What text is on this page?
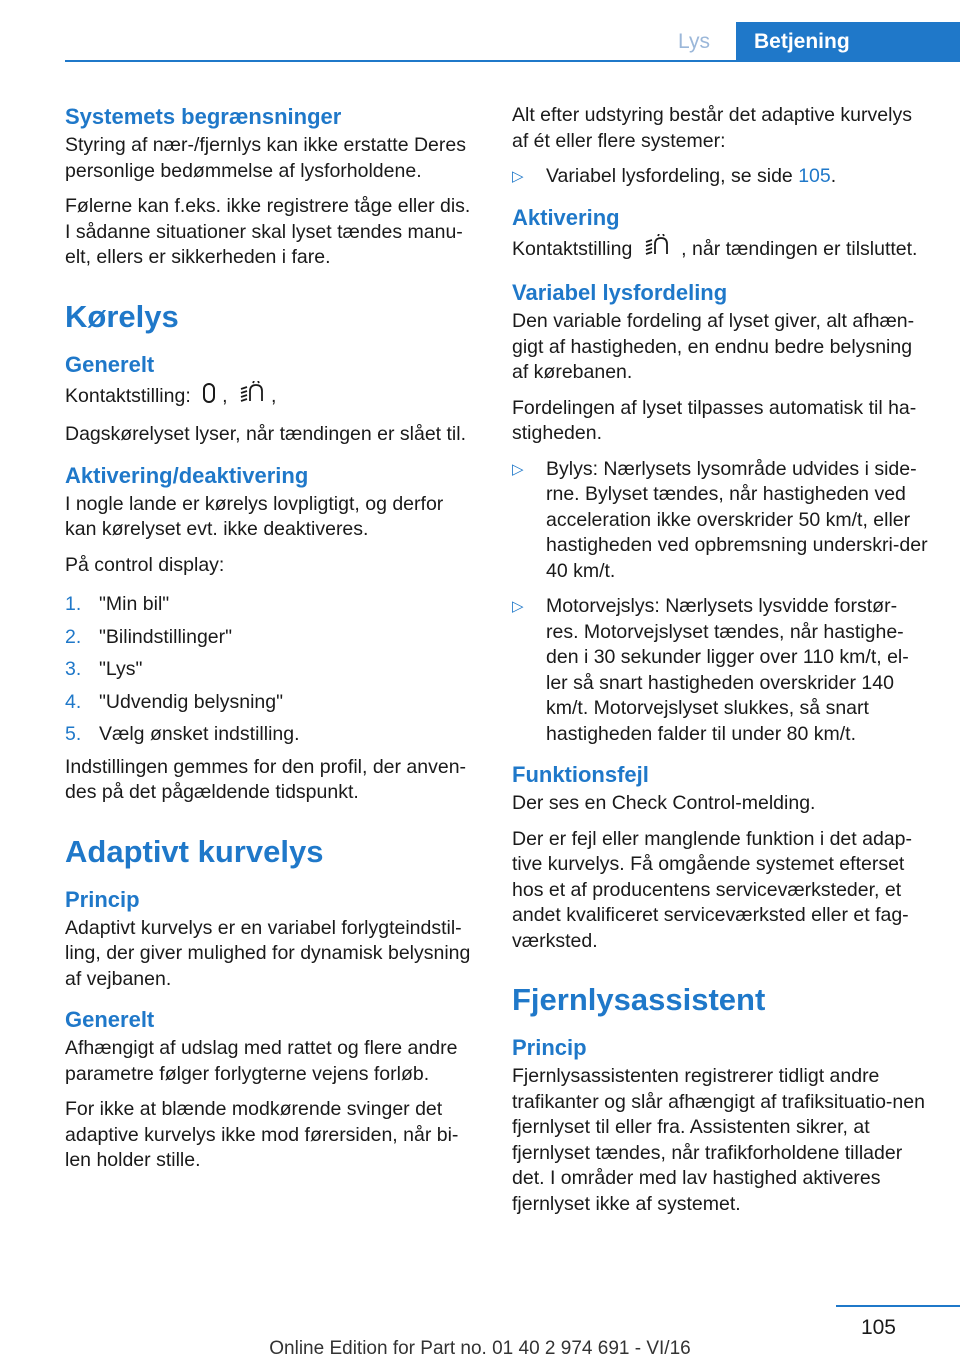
Lys	Betjening
Systemets begrænsninger

Styring af nær-/fjernlys kan ikke erstatte Deres personlige bedømmelse af lysforholdene.

Følerne kan f.eks. ikke registrere tåge eller dis. I sådanne situationer skal lyset tændes manu-elt, ellers er sikkerheden i fare.

Kørelys
Generelt

Kontaktstilling: , ,

Dagskørelyset lyser, når tændingen er slået til.

Aktivering/deaktivering

I nogle lande er kørelys lovpligtigt, og derfor kan kørelyset evt. ikke deaktiveres.

På control display:

1. "Min bil"
2. "Bilindstillinger"
3. "Lys"
4. "Udvendig belysning"
5. Vælg ønsket indstilling.

Indstillingen gemmes for den profil, der anven-des på det pågældende tidspunkt.

Adaptivt kurvelys
Princip

Adaptivt kurvelys er en variabel forlygteindstil-ling, der giver mulighed for dynamisk belysning af vejbanen.

Generelt

Afhængigt af udslag med rattet og flere andre parametre følger forlygterne vejens forløb.

For ikke at blænde modkørende svinger det adaptive kurvelys ikke mod førersiden, når bi-len holder stille.

Alt efter udstyring består det adaptive kurvelys af ét eller flere systemer:

▷	Variabel lysfordeling, se side 105.
Aktivering

Kontaktstilling	, når tændingen er tilsluttet.

Variabel lysfordeling

Den variable fordeling af lyset giver, alt afhæn-gigt af hastigheden, en endnu bedre belysning af kørebanen.

Fordelingen af lyset tilpasses automatisk til ha-stigheden.

▷	Bylys: Nærlysets lysområde udvides i side-rne. Bylyset tændes, når hastigheden ved acceleration ikke overskrider 50 km/t, eller hastigheden ved opbremsning underskri-der 40 km/t.
▷	Motorvejslys: Nærlysets lysvidde forstør-res. Motorvejslyset tændes, når hastighe-den i 30 sekunder ligger over 110 km/t, el-ler så snart hastigheden overskrider 140 km/t. Motorvejslyset slukkes, så snart hastigheden falder til under 80 km/t.
Funktionsfejl

Der ses en Check Control-melding.

Der er fejl eller manglende funktion i det adap-tive kurvelys. Få omgående systemet efterset hos et af producentens serviceværksteder, et andet kvalificeret serviceværksted eller et fag-værksted.

Fjernlysassistent
Princip

Fjernlysassistenten registrerer tidligt andre trafikanter og slår afhængigt af trafiksituatio-nen fjernlyset til eller fra. Assistenten sikrer, at fjernlyset tændes, når trafikforholdene tillader det. I områder med lav hastighed aktiveres fjernlyset ikke af systemet.

105
Online Edition for Part no. 01 40 2 974 691 - VI/16
